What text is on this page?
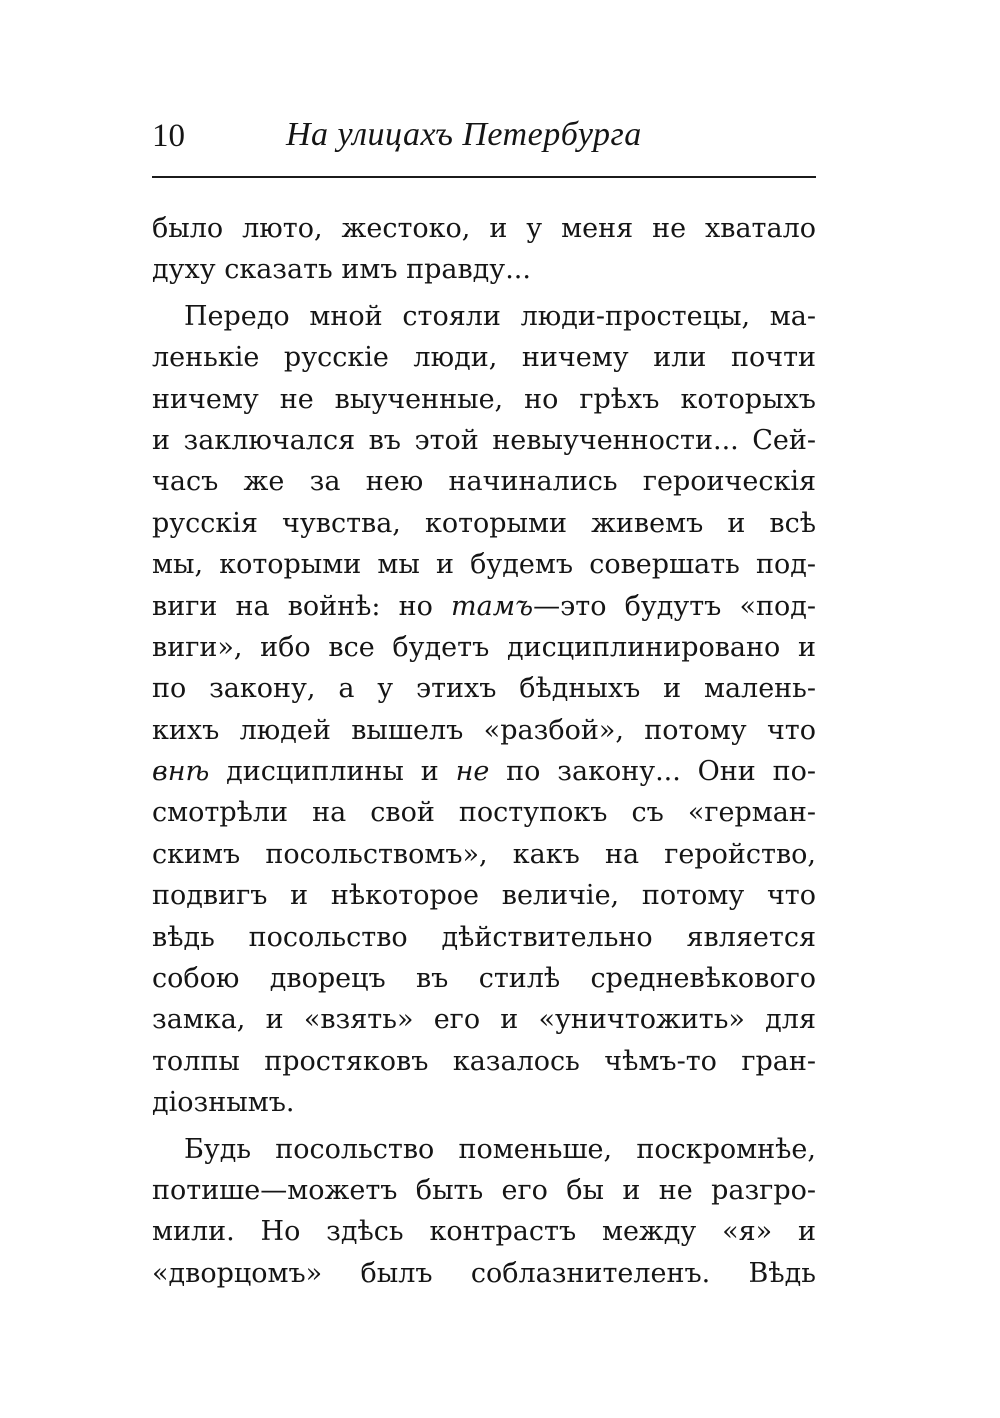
10	На улицахъ Петербурга
было люто, жестоко, и у меня не хватало
духу сказать имъ правду...
Передо мной стояли люди-простецы, ма-
ленькіе русскіе люди, ничему или почти
ничему не выученные, но грѣхъ которыхъ
и заключался въ этой невыученности... Сей-
часъ же за нею начинались героическія
русскія чувства, которыми живемъ и всѣ
мы, которыми мы и будемъ совершать под-
виги на войнѣ: но тамъ—это будутъ «под-
виги», ибо все будетъ дисциплинировано и
по закону, а у этихъ бѣдныхъ и малень-
кихъ людей вышелъ «разбой», потому что
внѣ дисциплины и не по закону... Они по-
смотрѣли на свой поступокъ съ «герман-
скимъ посольствомъ», какъ на геройство,
подвигъ и нѣкоторое величіе, потому что
вѣдь посольство дѣйствительно является
собою дворецъ въ стилѣ средневѣкового
замка, и «взять» его и «уничтожить» для
толпы простяковъ казалось чѣмъ-то гран-
діознымъ.
Будь посольство поменьше, поскромнѣе,
потише—можетъ быть его бы и не разгро-
мили. Но здѣсь контрастъ между «я» и
«дворцомъ» былъ соблазнителенъ. Вѣдь
